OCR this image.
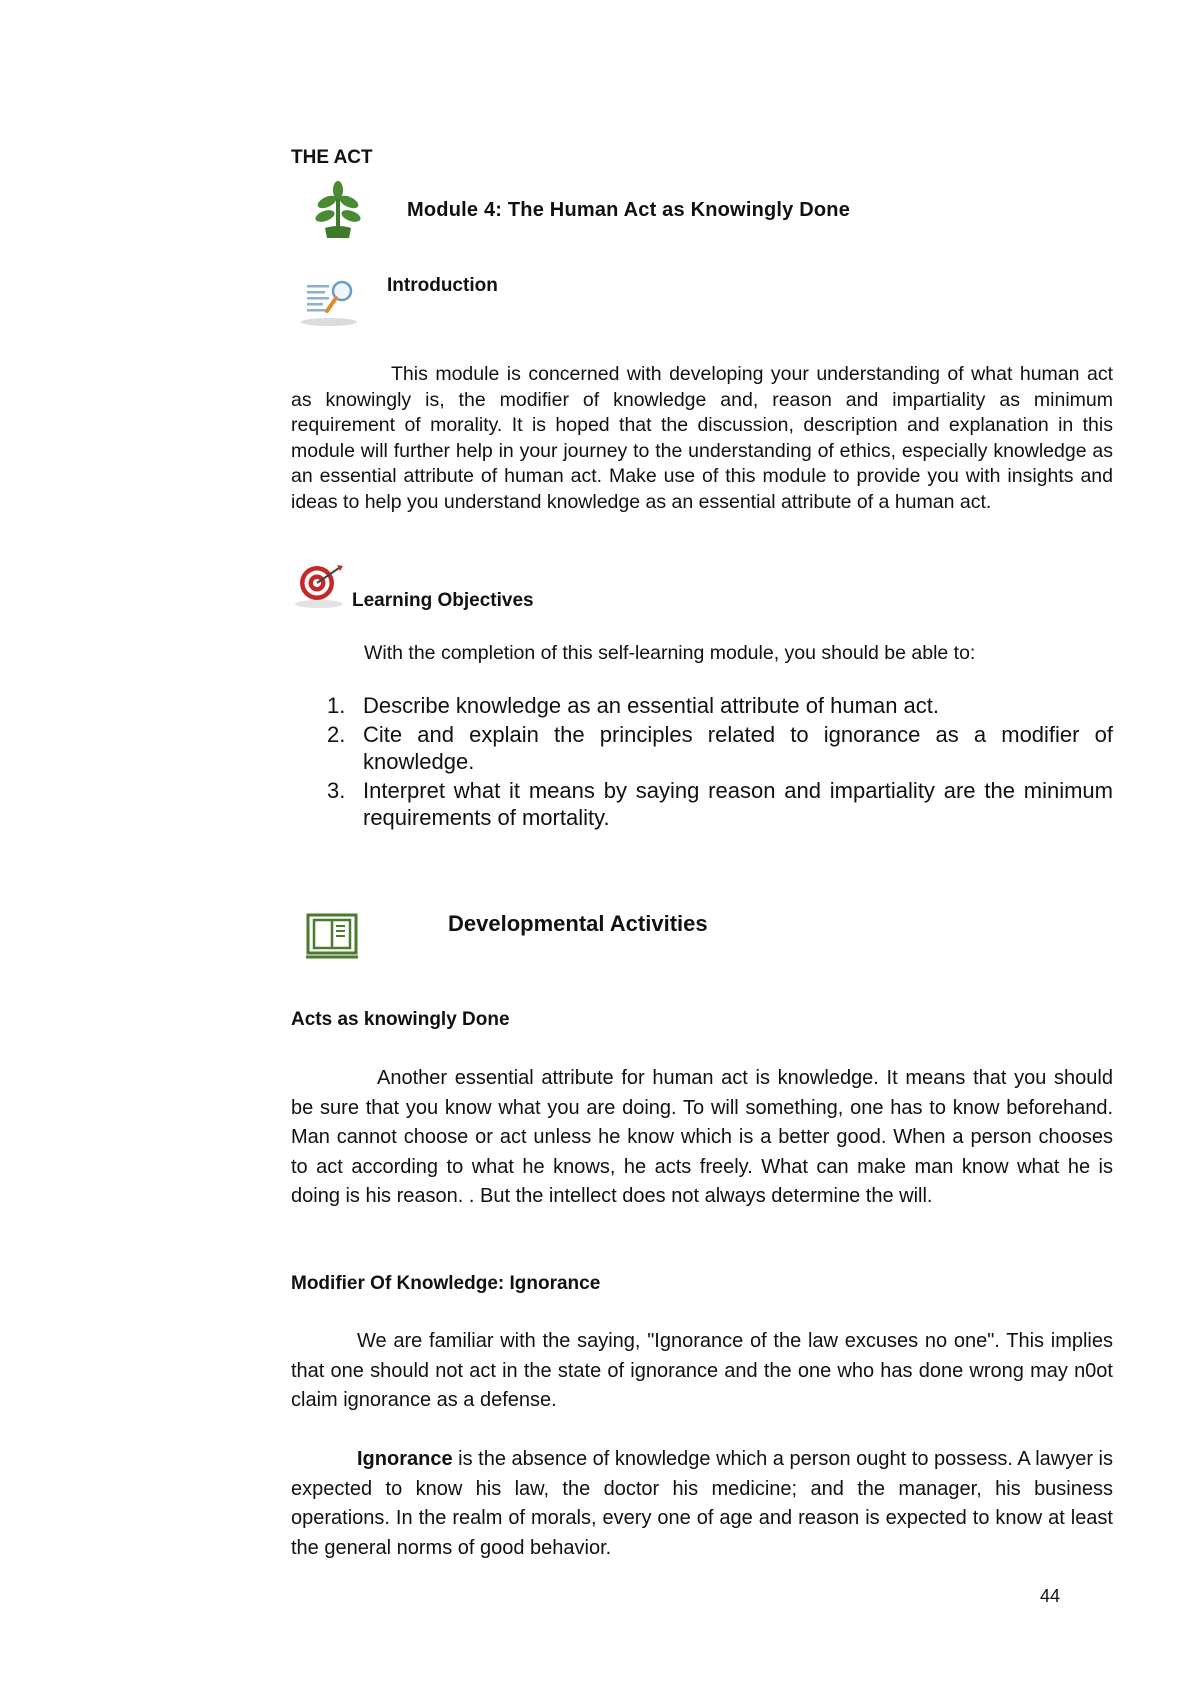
THE ACT
Module 4: The Human Act as Knowingly Done
Introduction

This module is concerned with developing your understanding of what human act as knowingly is, the modifier of knowledge and, reason and impartiality as minimum requirement of morality. It is hoped that the discussion, description and explanation in this module will further help in your journey to the understanding of ethics, especially knowledge as an essential attribute of human act. Make use of this module to provide you with insights and ideas to help you understand knowledge as an essential attribute of a human act.

Learning Objectives
With the completion of this self-learning module, you should be able to:
1. Describe knowledge as an essential attribute of human act.
2. Cite and explain the principles related to ignorance as a modifier of knowledge.
3. Interpret what it means by saying reason and impartiality are the minimum requirements of mortality.
Developmental Activities
Acts as knowingly Done

Another essential attribute for human act is knowledge. It means that you should be sure that you know what you are doing. To will something, one has to know beforehand. Man cannot choose or act unless he know which is a better good. When a person chooses to act according to what he knows, he acts freely. What can make man know what he is doing is his reason. . But the intellect does not always determine the will.

Modifier Of Knowledge: Ignorance

We are familiar with the saying, "Ignorance of the law excuses no one". This implies that one should not act in the state of ignorance and the one who has done wrong may n0ot claim ignorance as a defense.

Ignorance is the absence of knowledge which a person ought to possess. A lawyer is expected to know his law, the doctor his medicine; and the manager, his business operations. In the realm of morals, every one of age and reason is expected to know at least the general norms of good behavior.

44
